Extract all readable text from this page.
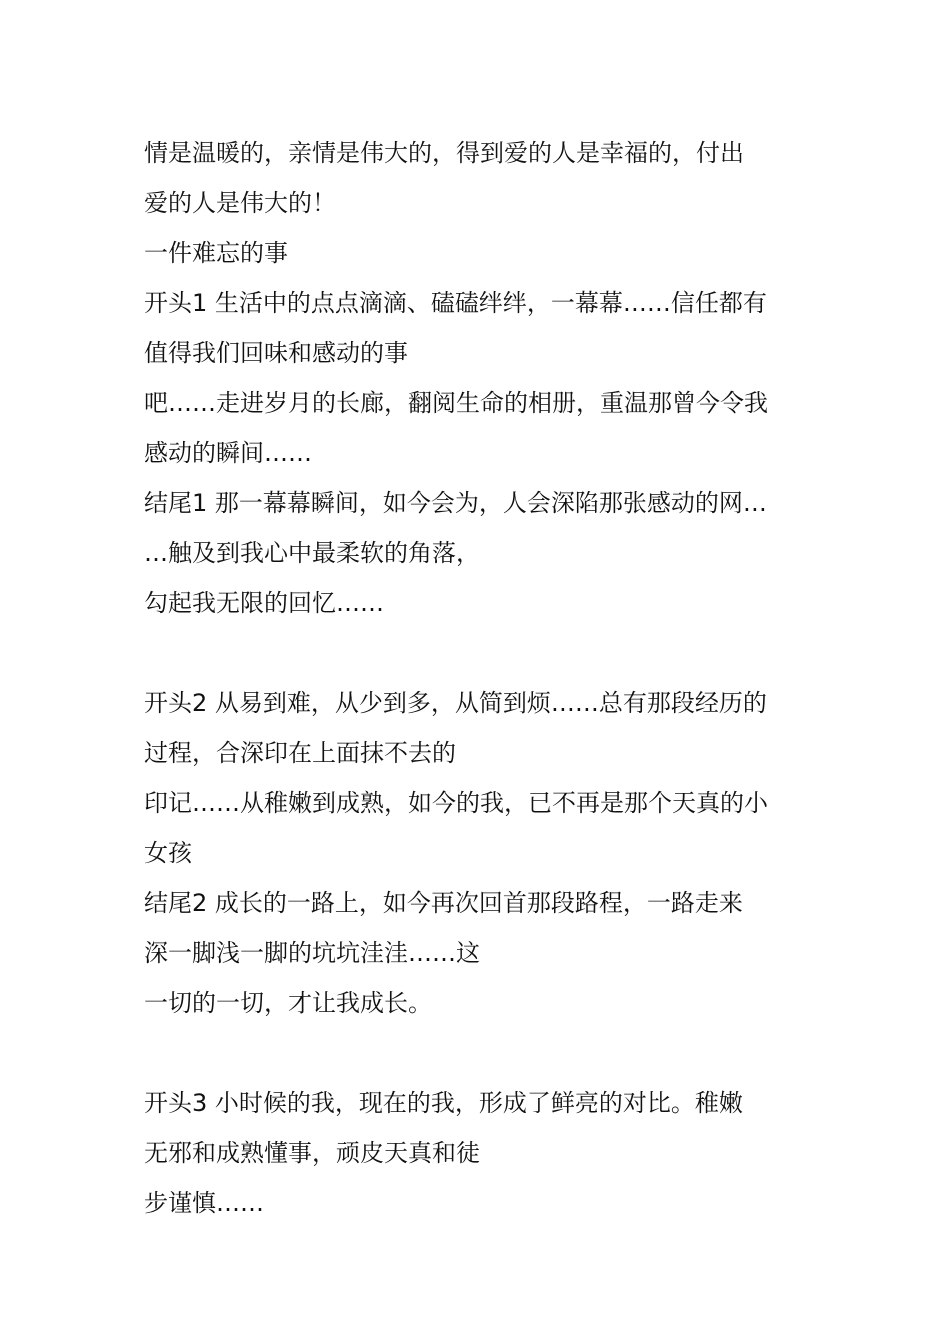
情是温暖的，亲情是伟大的，得到爱的人是幸福的，付出
爱的人是伟大的！
一件难忘的事
开头1 生活中的点点滴滴、磕磕绊绊，一幕幕……信任都有
值得我们回味和感动的事
吧……走进岁月的长廊，翻阅生命的相册，重温那曾今令我
感动的瞬间……
结尾1 那一幕幕瞬间，如今会为，人会深陷那张感动的网…
…触及到我心中最柔软的角落，
勾起我无限的回忆……
开头2 从易到难，从少到多，从简到烦……总有那段经历的
过程，合深印在上面抹不去的
印记……从稚嫩到成熟，如今的我，已不再是那个天真的小
女孩
结尾2 成长的一路上，如今再次回首那段路程，一路走来
深一脚浅一脚的坑坑洼洼……这
一切的一切，才让我成长。
开头3 小时候的我，现在的我，形成了鲜亮的对比。稚嫩
无邪和成熟懂事，顽皮天真和徒
步谨慎……
